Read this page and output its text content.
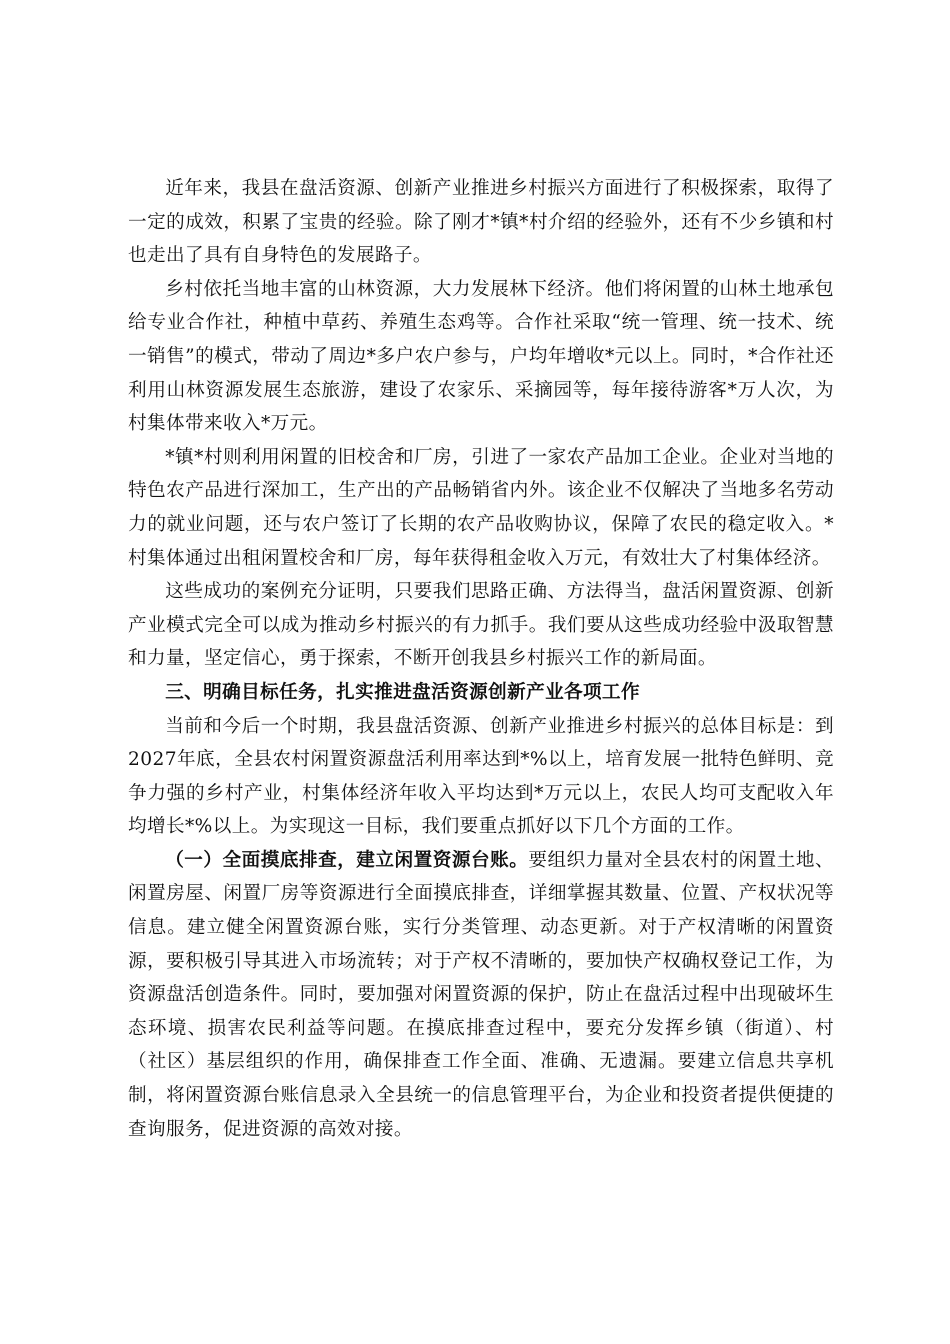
近年来，我县在盘活资源、创新产业推进乡村振兴方面进行了积极探索，取得了一定的成效，积累了宝贵的经验。除了刚才*镇*村介绍的经验外，还有不少乡镇和村也走出了具有自身特色的发展路子。

乡村依托当地丰富的山林资源，大力发展林下经济。他们将闲置的山林土地承包给专业合作社，种植中草药、养殖生态鸡等。合作社采取“统一管理、统一技术、统一销售”的模式，带动了周边*多户农户参与，户均年增收*元以上。同时，*合作社还利用山林资源发展生态旅游，建设了农家乐、采摘园等，每年接待游客*万人次，为村集体带来收入*万元。

*镇*村则利用闲置的旧校舍和厂房，引进了一家农产品加工企业。企业对当地的特色农产品进行深加工，生产出的产品畅销省内外。该企业不仅解决了当地多名劳动力的就业问题，还与农户签订了长期的农产品收购协议，保障了农民的稳定收入。*村集体通过出租闲置校舍和厂房，每年获得租金收入万元，有效壮大了村集体经济。

这些成功的案例充分证明，只要我们思路正确、方法得当，盘活闲置资源、创新产业模式完全可以成为推动乡村振兴的有力抓手。我们要从这些成功经验中汲取智慧和力量，坚定信心，勇于探索，不断开创我县乡村振兴工作的新局面。

三、明确目标任务，扎实推进盘活资源创新产业各项工作

当前和今后一个时期，我县盘活资源、创新产业推进乡村振兴的总体目标是：到2027年底，全县农村闲置资源盘活利用率达到*%以上，培育发展一批特色鲜明、竞争力强的乡村产业，村集体经济年收入平均达到*万元以上，农民人均可支配收入年均增长*%以上。为实现这一目标，我们要重点抓好以下几个方面的工作。

（一）全面摸底排查，建立闲置资源台账。要组织力量对全县农村的闲置土地、闲置房屋、闲置厂房等资源进行全面摸底排查，详细掌握其数量、位置、产权状况等信息。建立健全闲置资源台账，实行分类管理、动态更新。对于产权清晰的闲置资源，要积极引导其进入市场流转；对于产权不清晰的，要加快产权确权登记工作，为资源盘活创造条件。同时，要加强对闲置资源的保护，防止在盘活过程中出现破坏生态环境、损害农民利益等问题。在摸底排查过程中，要充分发挥乡镇（街道）、村（社区）基层组织的作用，确保排查工作全面、准确、无遗漏。要建立信息共享机制，将闲置资源台账信息录入全县统一的信息管理平台，为企业和投资者提供便捷的查询服务，促进资源的高效对接。
